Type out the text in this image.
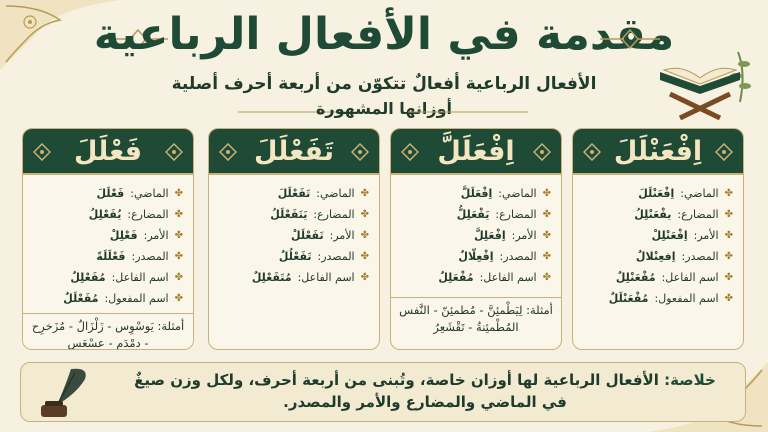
مقدمة في الأفعال الرباعية
الأفعال الرباعية أفعالٌ تتكوّن من أربعة أحرف أصلية
أوزانها المشهورة
فَعْلَلَ
✤
الماضي:
فَعْلَلَ
✤
المضارع:
يُفَعْلِلُ
✤
الأمر:
فَعْلِلْ
✤
المصدر:
فَعْلَلَةً
✤
اسم الفاعل:
مُفَعْلِلٌ
✤
اسم المفعول:
مُفَعْلَلٌ
أمثلة: يَوسْوِس - زَلْزَالٌ - مُزَخرِح - دمْدَم - عسْعَس
تَفَعْلَلَ
✤
الماضي:
تَفَعْلَلَ
✤
المضارع:
يَتَفَعْلَلُ
✤
الأمر:
تَفَعْلَلْ
✤
المصدر:
تَفَعْلُلٌ
✤
اسم الفاعل:
مُتَفَعْلِلٌ
اِفْعَلَلَّ
✤
الماضي:
اِفْعَلَلَّ
✤
المضارع:
يَفْعَلِلُّ
✤
الأمر:
اِفْعَلِلَّ
✤
المصدر:
اِفْعِلّالٌ
✤
اسم الفاعل:
مُفْعَلِلٌ
أمثلة: لِيَطْمئِنَّ - مُطمئِنّ - النَّفس المُطْمئِنةُ - تَقْشَعِرُ
اِفْعَنْلَلَ
✤
الماضي:
اِفْعَنْلَلَ
✤
المضارع:
يفْعَنْلِلُ
✤
الأمر:
اِفْعَنْلِلْ
✤
المصدر:
اِفعِنْلالٌ
✤
اسم الفاعل:
مُفْعَنْلِلٌ
✤
اسم المفعول:
مُفْعَنْلَلٌ
خلاصة: الأفعال الرباعية لها أوزان خاصة، وتُبنى من أربعة أحرف، ولكل وزن صيغٌ في الماضي والمضارع والأمر والمصدر.
